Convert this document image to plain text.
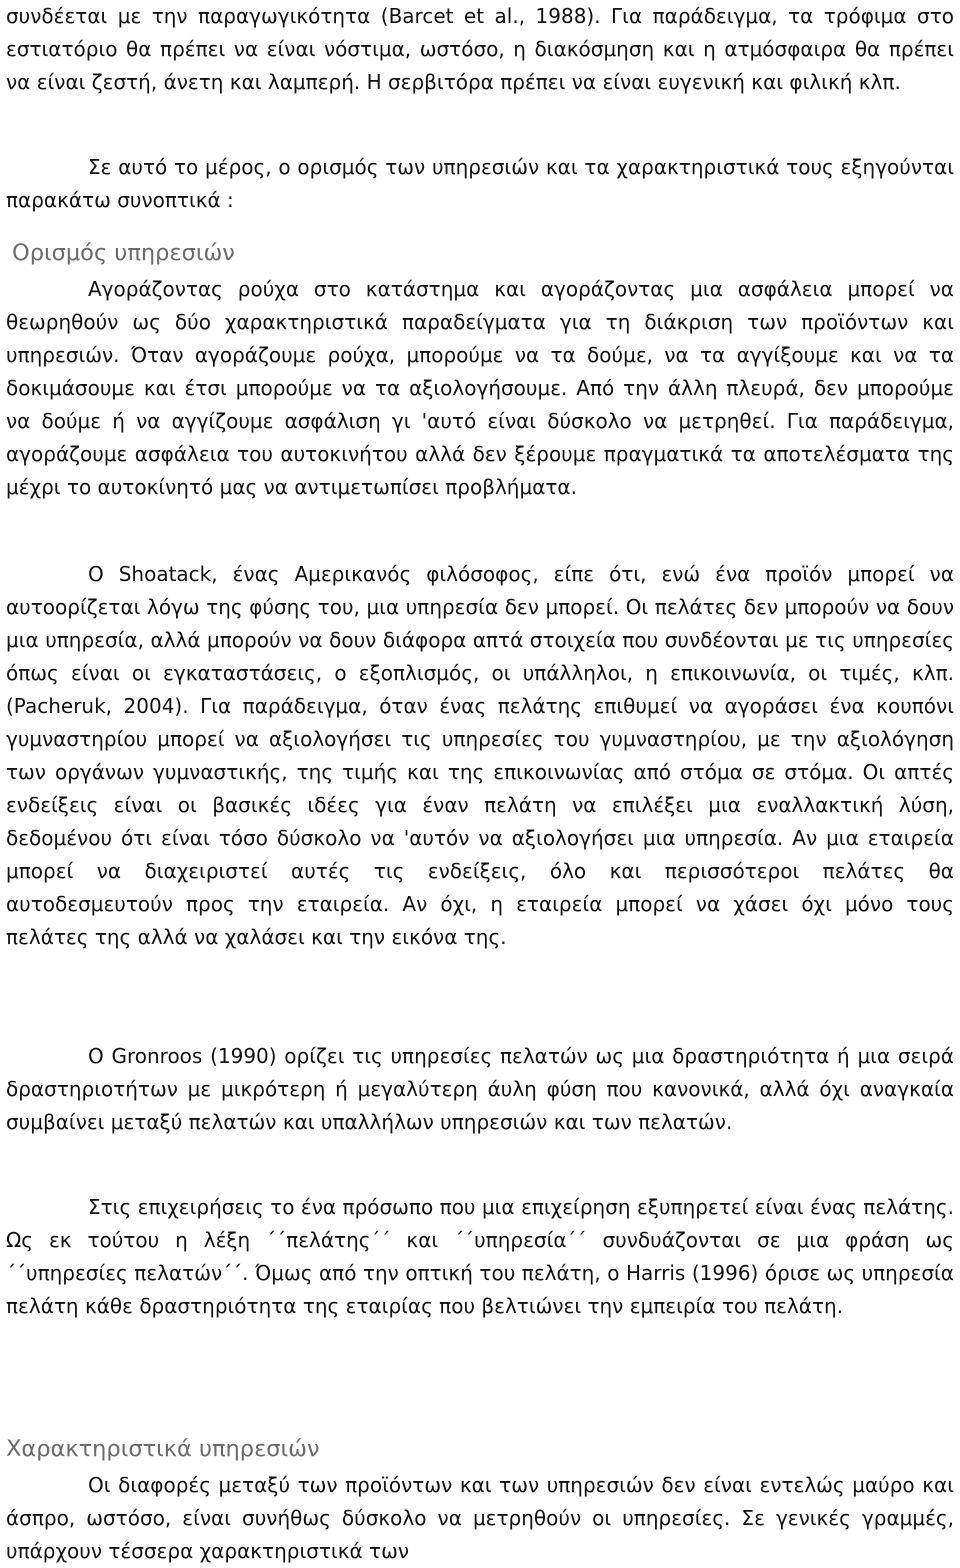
συνδέεται με την παραγωγικότητα (Barcet et al., 1988). Για παράδειγμα, τα τρόφιμα στο εστιατόριο θα πρέπει να είναι νόστιμα, ωστόσο, η διακόσμηση και η ατμόσφαιρα θα πρέπει να είναι ζεστή, άνετη και λαμπερή. Η σερβιτόρα πρέπει να είναι ευγενική και φιλική κλπ.

Σε αυτό το μέρος, ο ορισμός των υπηρεσιών και τα χαρακτηριστικά τους εξηγούνται παρακάτω συνοπτικά :

Ορισμός υπηρεσιών

Αγοράζοντας ρούχα στο κατάστημα και αγοράζοντας μια ασφάλεια μπορεί να θεωρηθούν ως δύο χαρακτηριστικά παραδείγματα για τη διάκριση των προϊόντων και υπηρεσιών. Όταν αγοράζουμε ρούχα, μπορούμε να τα δούμε, να τα αγγίξουμε και να τα δοκιμάσουμε και έτσι μπορούμε να τα αξιολογήσουμε. Από την άλλη πλευρά, δεν μπορούμε να δούμε ή να αγγίζουμε ασφάλιση γι 'αυτό είναι δύσκολο να μετρηθεί. Για παράδειγμα, αγοράζουμε ασφάλεια του αυτοκινήτου αλλά δεν ξέρουμε πραγματικά τα αποτελέσματα της μέχρι το αυτοκίνητό μας να αντιμετωπίσει προβλήματα.

Ο Shoatack, ένας Αμερικανός φιλόσοφος, είπε ότι, ενώ ένα προϊόν μπορεί να αυτοορίζεται λόγω της φύσης του, μια υπηρεσία δεν μπορεί. Οι πελάτες δεν μπορούν να δουν μια υπηρεσία, αλλά μπορούν να δουν διάφορα απτά στοιχεία που συνδέονται με τις υπηρεσίες όπως είναι οι εγκαταστάσεις, ο εξοπλισμός, οι υπάλληλοι, η επικοινωνία, οι τιμές, κλπ. (Pacheruk, 2004). Για παράδειγμα, όταν ένας πελάτης επιθυμεί να αγοράσει ένα κουπόνι γυμναστηρίου μπορεί να αξιολογήσει τις υπηρεσίες του γυμναστηρίου, με την αξιολόγηση των οργάνων γυμναστικής, της τιμής και της επικοινωνίας από στόμα σε στόμα. Οι απτές ενδείξεις είναι οι βασικές ιδέες για έναν πελάτη να επιλέξει μια εναλλακτική λύση, δεδομένου ότι είναι τόσο δύσκολο να 'αυτόν να αξιολογήσει μια υπηρεσία. Αν μια εταιρεία μπορεί να διαχειριστεί αυτές τις ενδείξεις, όλο και περισσότεροι πελάτες θα αυτοδεσμευτούν προς την εταιρεία. Αν όχι, η εταιρεία μπορεί να χάσει όχι μόνο τους πελάτες της αλλά να χαλάσει και την εικόνα της.

Ο Gronroos (1990) ορίζει τις υπηρεσίες πελατών ως μια δραστηριότητα ή μια σειρά δραστηριοτήτων με μικρότερη ή μεγαλύτερη άυλη φύση που κανονικά, αλλά όχι αναγκαία συμβαίνει μεταξύ πελατών και υπαλλήλων υπηρεσιών και των πελατών.

Στις επιχειρήσεις το ένα πρόσωπο που μια επιχείρηση εξυπηρετεί είναι ένας πελάτης. Ως εκ τούτου η λέξη ΄΄πελάτης΄΄ και ΄΄υπηρεσία΄΄ συνδυάζονται σε μια φράση ως ΄΄υπηρεσίες πελατών΄΄. Όμως από την οπτική του πελάτη, ο Harris (1996) όρισε ως υπηρεσία πελάτη κάθε δραστηριότητα της εταιρίας που βελτιώνει την εμπειρία του πελάτη.

Χαρακτηριστικά υπηρεσιών

Οι διαφορές μεταξύ των προϊόντων και των υπηρεσιών δεν είναι εντελώς μαύρο και άσπρο, ωστόσο, είναι συνήθως δύσκολο να μετρηθούν οι υπηρεσίες. Σε γενικές γραμμές, υπάρχουν τέσσερα χαρακτηριστικά των
